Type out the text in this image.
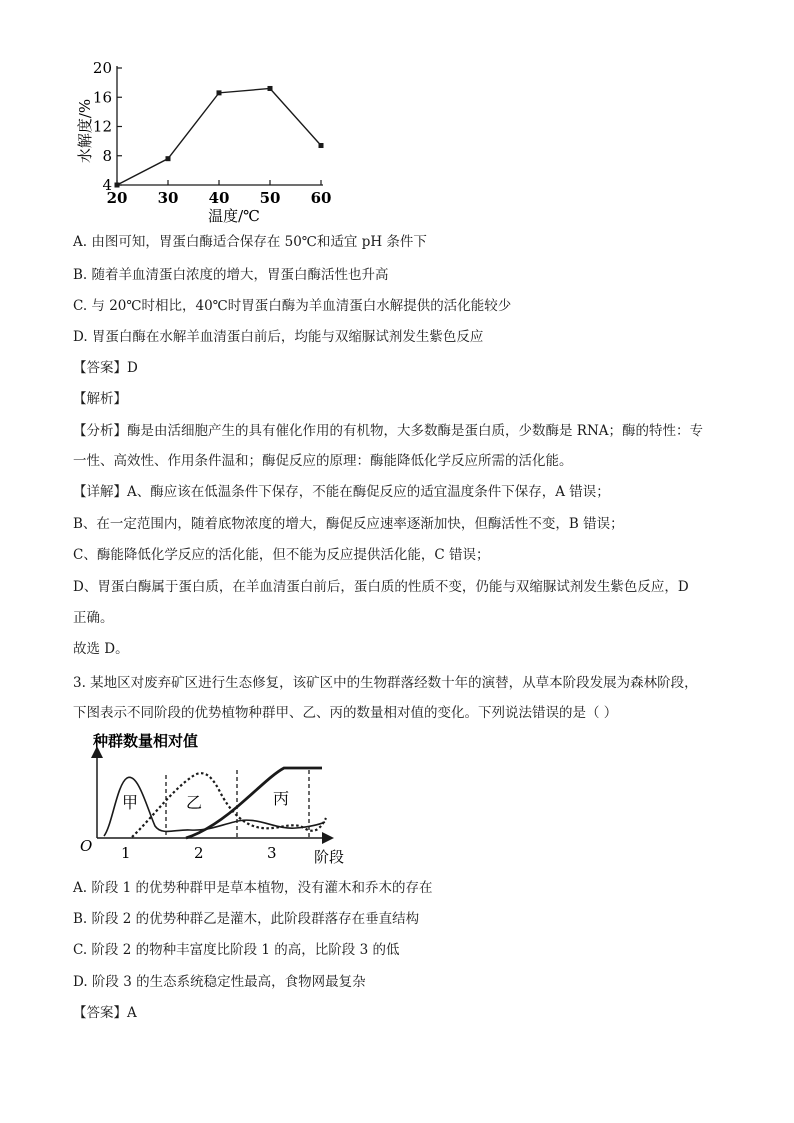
4
8
12
16
20
20 30 40 50 60
水解度/%
温度/℃
A. 由图可知，胃蛋白酶适合保存在 50℃和适宜 pH 条件下
B. 随着羊血清蛋白浓度的增大，胃蛋白酶活性也升高
C. 与 20℃时相比，40℃时胃蛋白酶为羊血清蛋白水解提供的活化能较少
D. 胃蛋白酶在水解羊血清蛋白前后，均能与双缩脲试剂发生紫色反应
【答案】D
【解析】
【分析】酶是由活细胞产生的具有催化作用的有机物，大多数酶是蛋白质，少数酶是 RNA；酶的特性：专
一性、高效性、作用条件温和；酶促反应的原理：酶能降低化学反应所需的活化能。
【详解】A、酶应该在低温条件下保存，不能在酶促反应的适宜温度条件下保存，A 错误；
B、在一定范围内，随着底物浓度的增大，酶促反应速率逐渐加快，但酶活性不变，B 错误；
C、酶能降低化学反应的活化能，但不能为反应提供活化能，C 错误；
D、胃蛋白酶属于蛋白质，在羊血清蛋白前后，蛋白质的性质不变，仍能与双缩脲试剂发生紫色反应，D
正确。
故选 D。
3. 某地区对废弃矿区进行生态修复，该矿区中的生物群落经数十年的演替，从草本阶段发展为森林阶段，
下图表示不同阶段的优势植物种群甲、乙、丙的数量相对值的变化。下列说法错误的是（ ）
种群数量相对值
O
阶段
1	2	3
甲	乙	丙
A. 阶段 1 的优势种群甲是草本植物，没有灌木和乔木的存在
B. 阶段 2 的优势种群乙是灌木，此阶段群落存在垂直结构
C. 阶段 2 的物种丰富度比阶段 1 的高，比阶段 3 的低
D. 阶段 3 的生态系统稳定性最高，食物网最复杂
【答案】A
